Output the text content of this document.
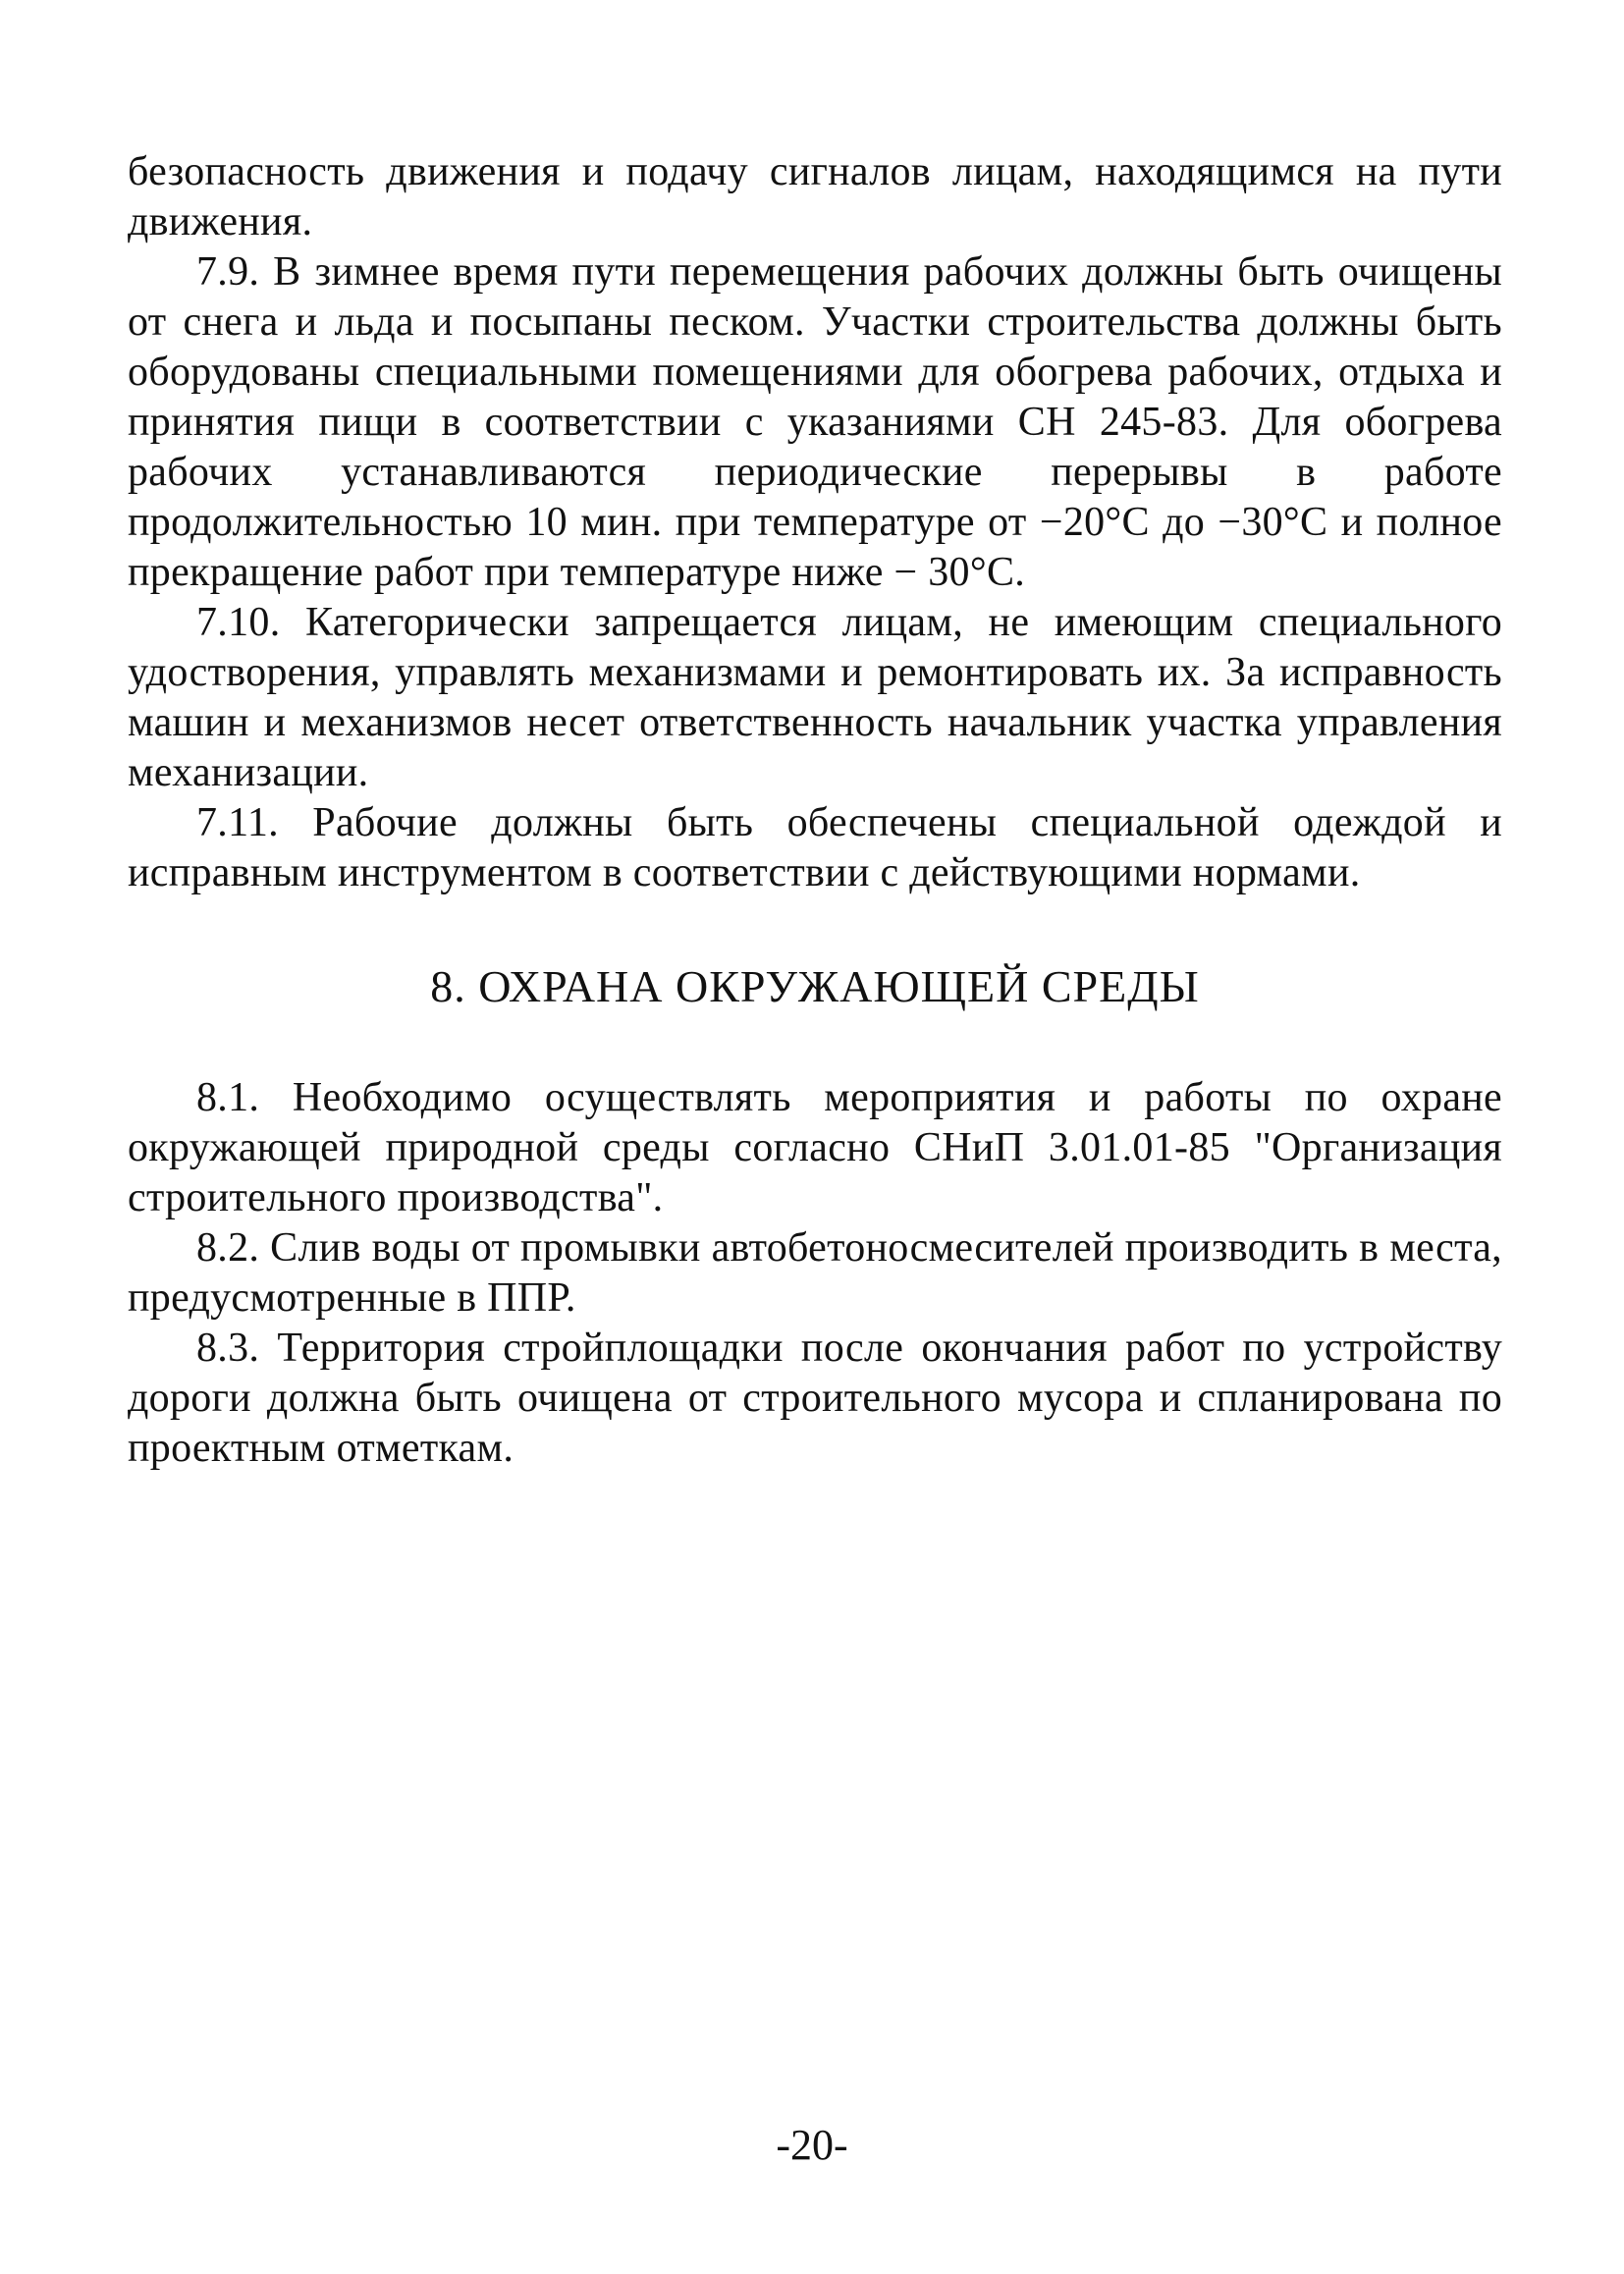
безопасность движения и подачу сигналов лицам, находящимся на пути движения.

7.9. В зимнее время пути перемещения рабочих должны быть очищены от снега и льда и посыпаны песком. Участки строительства должны быть оборудованы специальными помещениями для обогрева рабочих, отдыха и принятия пищи в соответствии с указаниями СН 245-83. Для обогрева рабочих устанавливаются периодические перерывы в работе продолжительностью 10 мин. при температуре от −20°С до −30°С и полное прекращение работ при температуре ниже − 30°С.

7.10. Категорически запрещается лицам, не имеющим специального удостворения, управлять механизмами и ремонтировать их. За исправность машин и механизмов несет ответственность начальник участка управления механизации.

7.11. Рабочие должны быть обеспечены специальной одеждой и исправным инструментом в соответствии с действующими нормами.

8. ОХРАНА ОКРУЖАЮЩЕЙ СРЕДЫ

8.1. Необходимо осуществлять мероприятия и работы по охране окружающей природной среды согласно СНиП 3.01.01-85 "Организация строительного производства".

8.2. Слив воды от промывки автобетоносмесителей производить в места, предусмотренные в ППР.

8.3. Территория стройплощадки после окончания работ по устройству дороги должна быть очищена от строительного мусора и спланирована по проектным отметкам.

-20-
